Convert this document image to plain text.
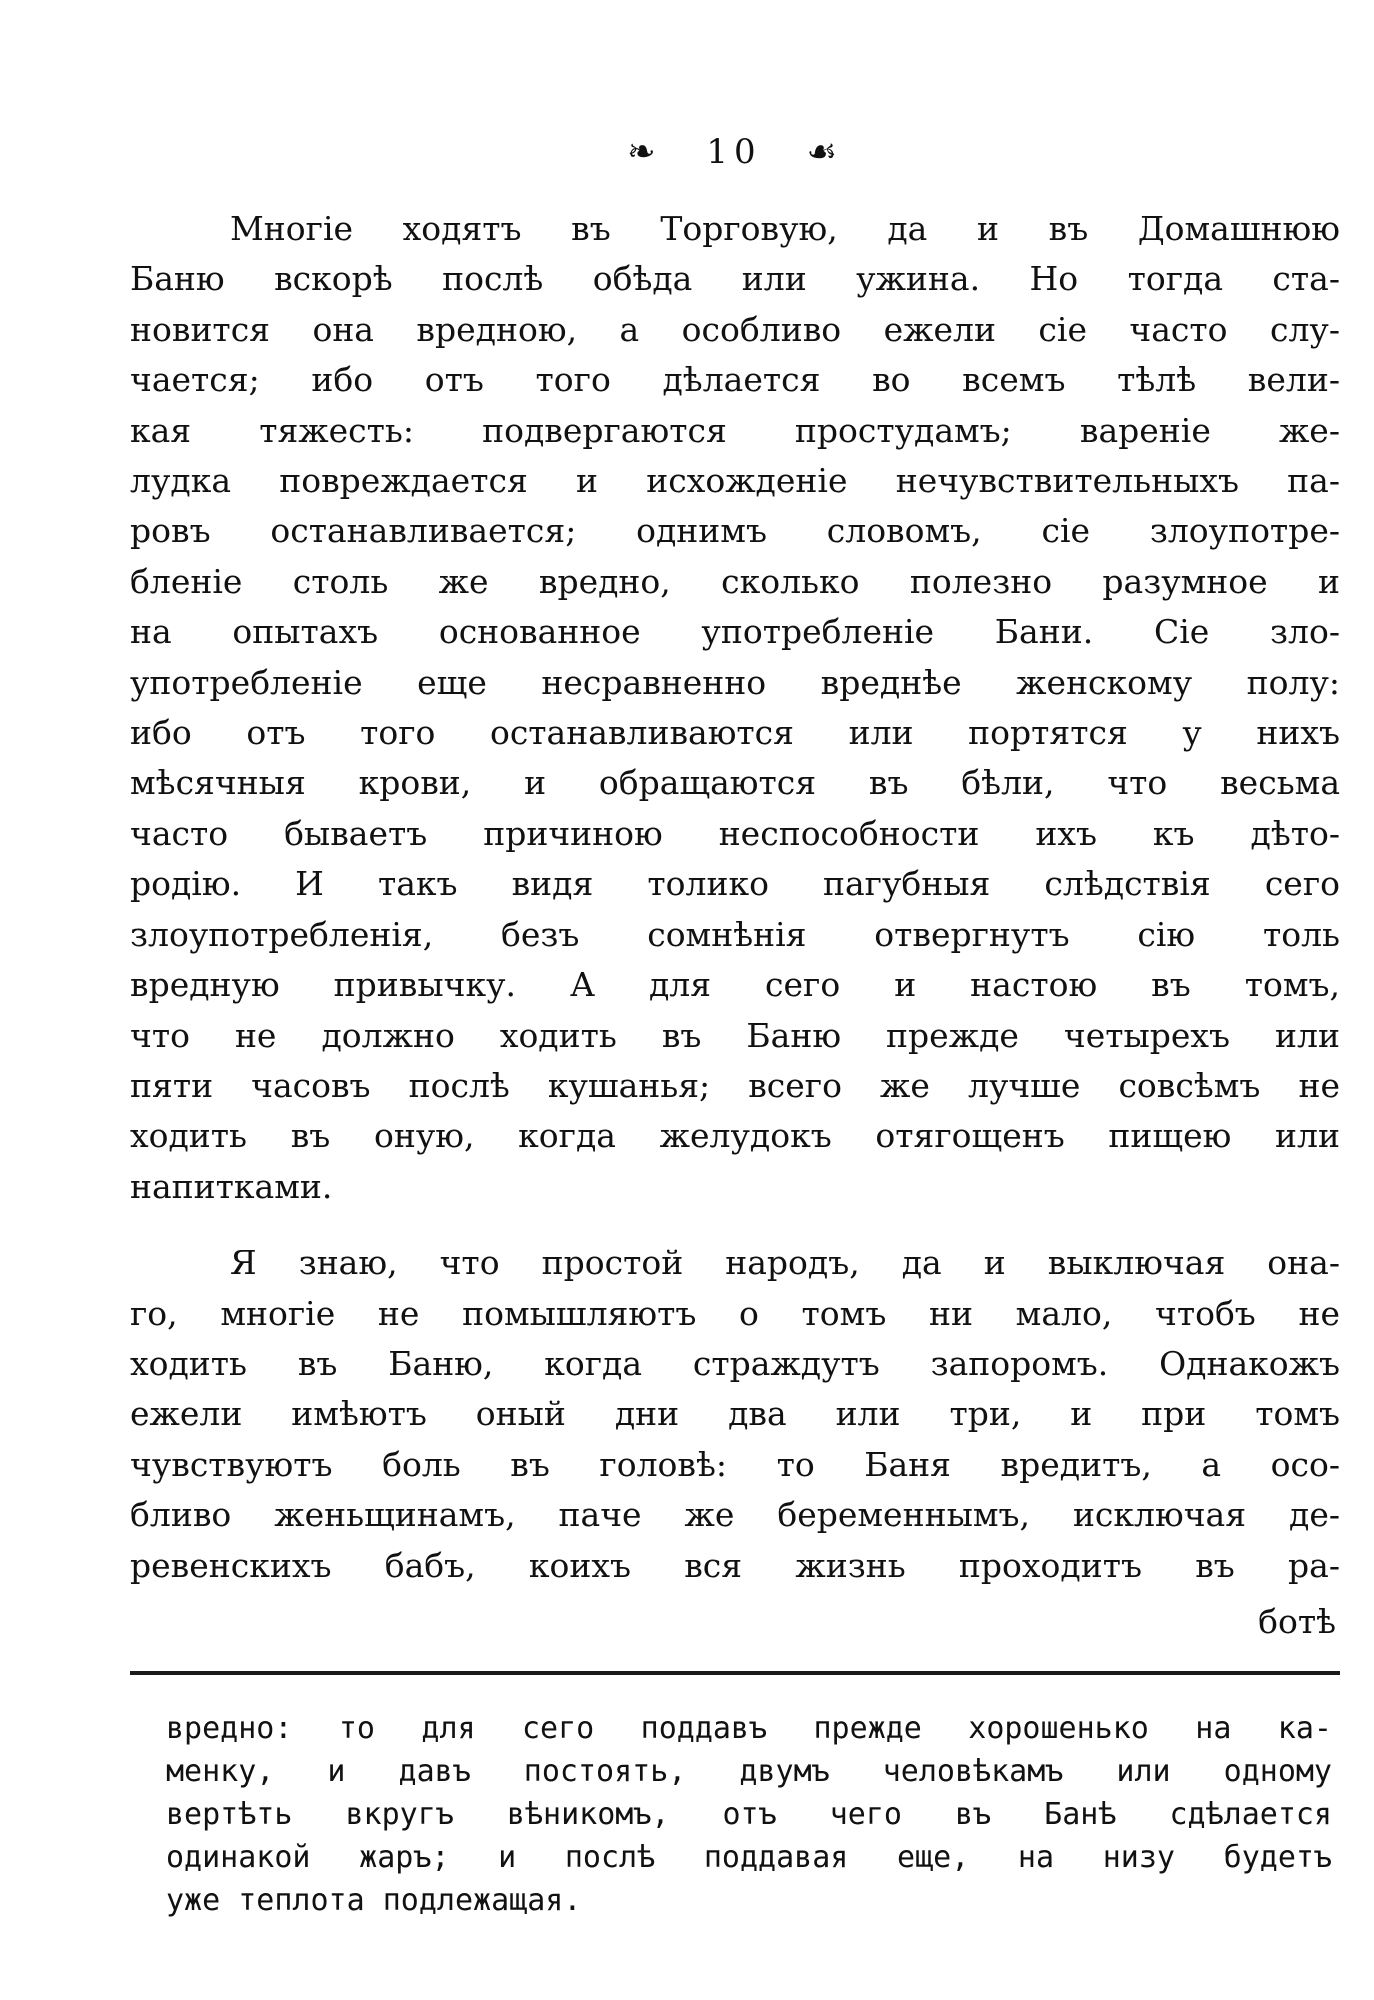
❧ 10 ☙
Многіе ходятъ въ Торговую, да и въ Домашнюю
Баню вскорѣ послѣ обѣда или ужина. Но тогда ста-
новится она вредною, а особливо ежели сіе часто слу-
чается; ибо отъ того дѣлается во всемъ тѣлѣ вели-
кая тяжесть: подвергаются простудамъ; вареніе же-
лудка повреждается и исхожденіе нечувствительныхъ па-
ровъ останавливается; однимъ словомъ, сіе злоупотре-
бленіе столь же вредно, сколько полезно разумное и
на опытахъ основанное употребленіе Бани. Сіе зло-
употребленіе еще несравненно вреднѣе женскому полу:
ибо отъ того останавливаются или портятся у нихъ
мѣсячныя крови, и обращаются въ бѣли, что весьма
часто бываетъ причиною неспособности ихъ къ дѣто-
родію. И такъ видя толико пагубныя слѣдствія сего
злоупотребленія, безъ сомнѣнія отвергнутъ сію толь
вредную привычку. А для сего и настою въ томъ,
что не должно ходить въ Баню прежде четырехъ или
пяти часовъ послѣ кушанья; всего же лучше совсѣмъ не
ходить въ оную, когда желудокъ отягощенъ пищею или
напитками.
Я знаю, что простой народъ, да и выключая она-
го, многіе не помышляютъ о томъ ни мало, чтобъ не
ходить въ Баню, когда страждутъ запоромъ. Однакожъ
ежели имѣютъ оный дни два или три, и при томъ
чувствуютъ боль въ головѣ: то Баня вредитъ, а осо-
бливо женьщинамъ, паче же беременнымъ, исключая де-
ревенскихъ бабъ, коихъ вся жизнь проходитъ въ ра-
ботѣ
вредно: то для сего поддавъ прежде хорошенько на ка-
менку, и давъ постоять, двумъ человѣкамъ или одному
вертѣть вкругъ вѣникомъ, отъ чего въ Банѣ сдѣлается
одинакой жаръ; и послѣ поддавая еще, на низу будетъ
уже теплота подлежащая.
